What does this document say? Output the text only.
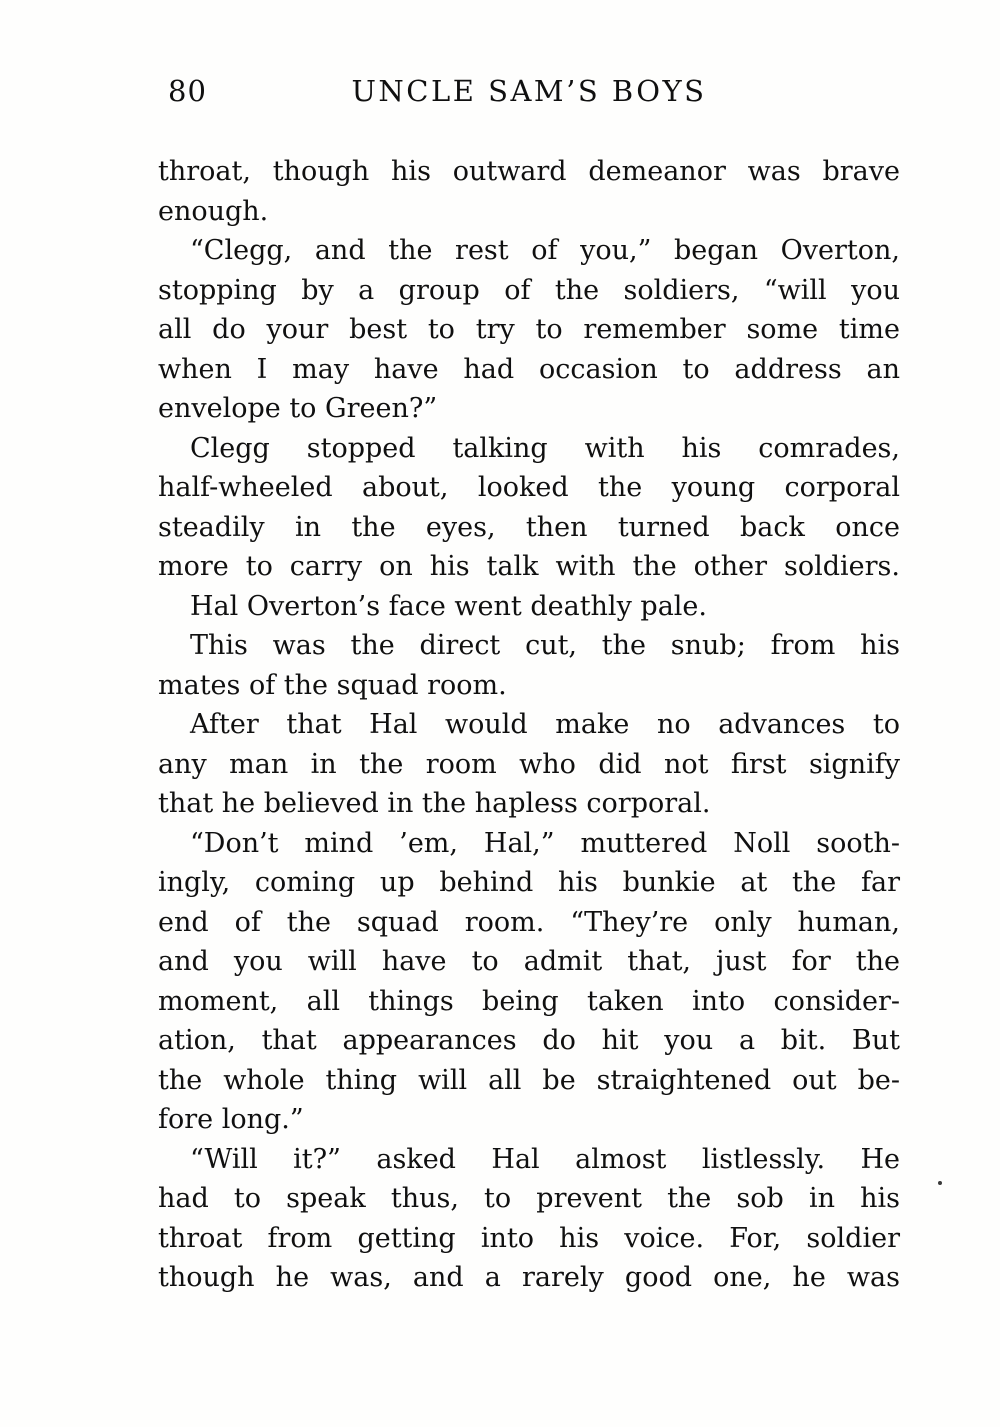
80	UNCLE SAM’S BOYS

throat, though his outward demeanor was brave
enough.

“Clegg, and the rest of you,” began Overton,
stopping by a group of the soldiers, “will you
all do your best to try to remember some time
when I may have had occasion to address an
envelope to Green?”

Clegg stopped talking with his comrades,
half-wheeled about, looked the young corporal
steadily in the eyes, then turned back once
more to carry on his talk with the other soldiers.

Hal Overton’s face went deathly pale.

This was the direct cut, the snub; from his
mates of the squad room.

After that Hal would make no advances to
any man in the room who did not first signify
that he believed in the hapless corporal.

“Don’t mind ’em, Hal,” muttered Noll sooth-
ingly, coming up behind his bunkie at the far
end of the squad room. “They’re only human,
and you will have to admit that, just for the
moment, all things being taken into consider-
ation, that appearances do hit you a bit. But
the whole thing will all be straightened out be-
fore long.”

“Will it?” asked Hal almost listlessly. He
had to speak thus, to prevent the sob in his
throat from getting into his voice. For, soldier
though he was, and a rarely good one, he was
